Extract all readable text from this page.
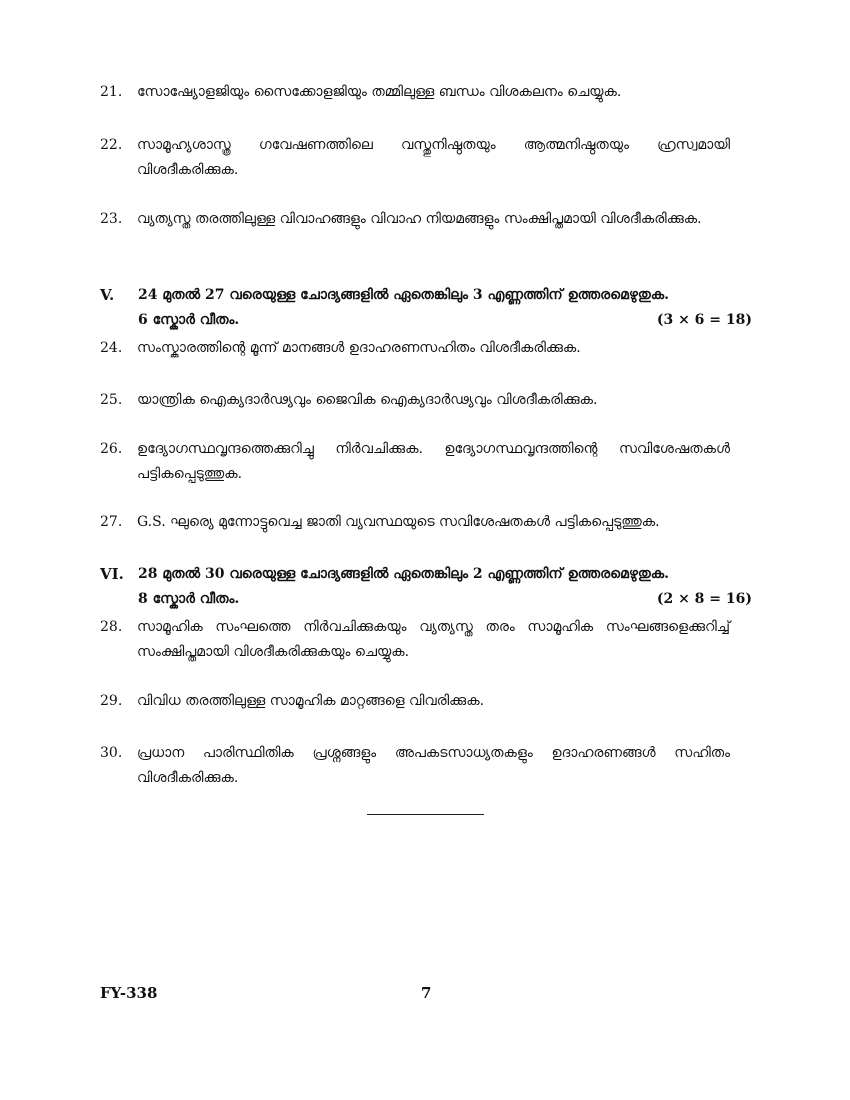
21.	സോഷ്യോളജിയും സൈക്കോളജിയും തമ്മിലുള്ള ബന്ധം വിശകലനം ചെയ്യുക.
22.	സാമൂഹ്യശാസ്ത്ര ഗവേഷണത്തിലെ വസ്തുനിഷ്ഠതയും ആത്മനിഷ്ഠതയും ഹ്രസ്വമായി വിശദീകരിക്കുക.
23.	വ്യത്യസ്ത തരത്തിലുള്ള വിവാഹങ്ങളും വിവാഹ നിയമങ്ങളും സംക്ഷിപ്തമായി വിശദീകരിക്കുക.
V. 24 മുതൽ 27 വരെയുള്ള ചോദ്യങ്ങളിൽ ഏതെങ്കിലും 3 എണ്ണത്തിന് ഉത്തരമെഴുതുക.
6 സ്കോർ വീതം.	(3 × 6 = 18)
24.	സംസ്കാരത്തിന്റെ മൂന്ന് മാനങ്ങൾ ഉദാഹരണസഹിതം വിശദീകരിക്കുക.
25.	യാന്ത്രിക ഐക്യദാർഢ്യവും ജൈവിക ഐക്യദാർഢ്യവും വിശദീകരിക്കുക.
26.	ഉദ്യോഗസ്ഥവൃന്ദത്തെക്കുറിച്ചു നിർവചിക്കുക. ഉദ്യോഗസ്ഥവൃന്ദത്തിന്റെ സവിശേഷതകൾ പട്ടികപ്പെടുത്തുക.
27.	G.S. ഘുര്യെ മുന്നോട്ടുവെച്ച ജാതി വ്യവസ്ഥയുടെ സവിശേഷതകൾ പട്ടികപ്പെടുത്തുക.
VI. 28 മുതൽ 30 വരെയുള്ള ചോദ്യങ്ങളിൽ ഏതെങ്കിലും 2 എണ്ണത്തിന് ഉത്തരമെഴുതുക.
8 സ്കോർ വീതം.	(2 × 8 = 16)
28.	സാമൂഹിക സംഘത്തെ നിർവചിക്കുകയും വ്യത്യസ്ത തരം സാമൂഹിക സംഘങ്ങളെക്കുറിച്ച് സംക്ഷിപ്തമായി വിശദീകരിക്കുകയും ചെയ്യുക.
29.	വിവിധ തരത്തിലുള്ള സാമൂഹിക മാറ്റങ്ങളെ വിവരിക്കുക.
30.	പ്രധാന പാരിസ്ഥിതിക പ്രശ്നങ്ങളും അപകടസാധ്യതകളും ഉദാഹരണങ്ങൾ സഹിതം വിശദീകരിക്കുക.
FY-338	7
